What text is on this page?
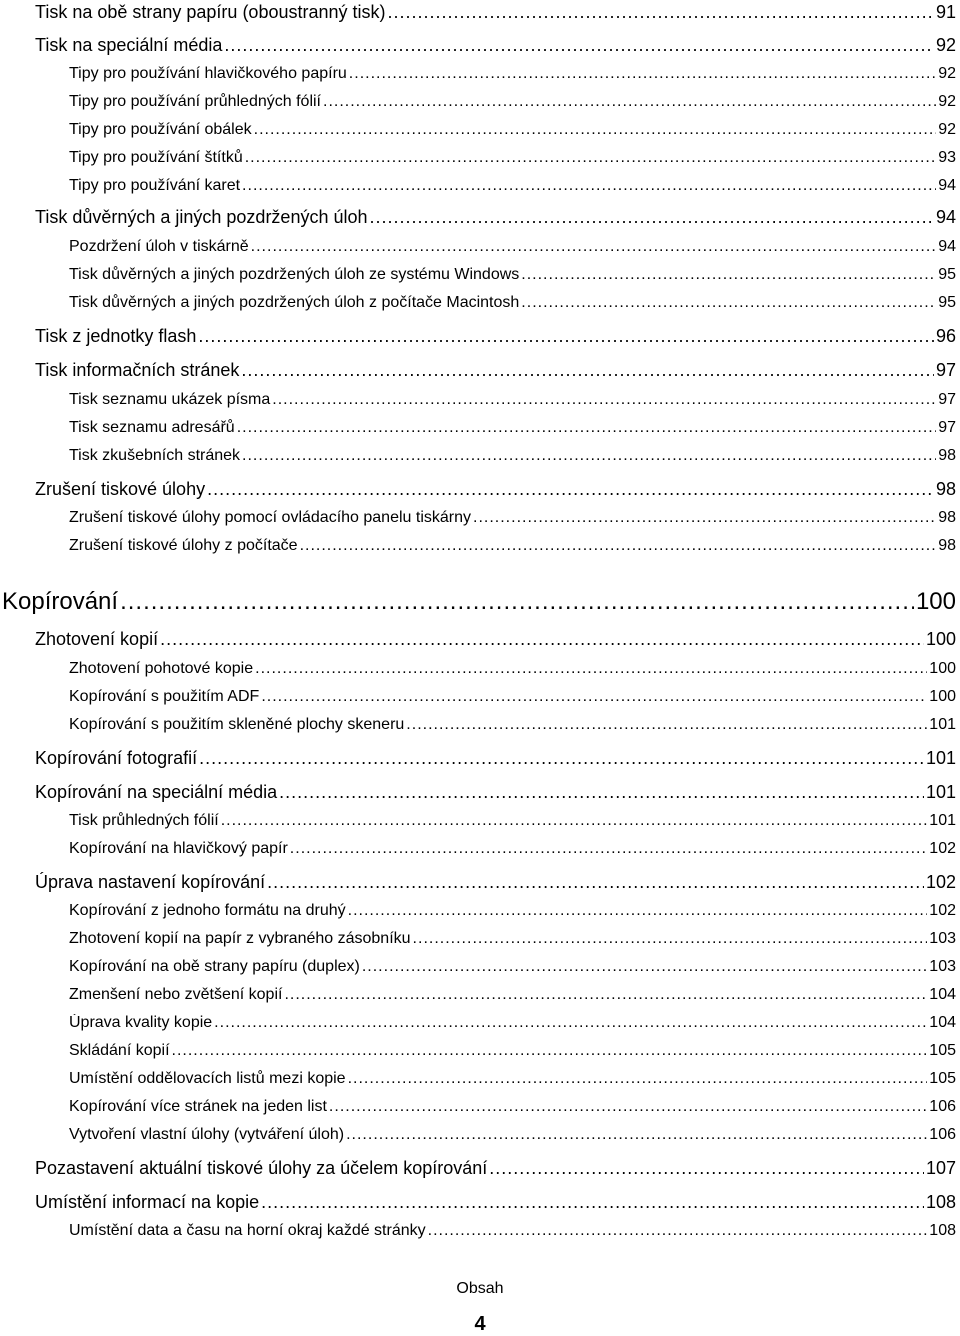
Tisk na obě strany papíru (oboustranný tisk) .....	91
Tisk na speciální média .....	92
Tipy pro používání hlavičkového papíru .....	92
Tipy pro používání průhledných fólií .....	92
Tipy pro používání obálek .....	92
Tipy pro používání štítků .....	93
Tipy pro používání karet .....	94
Tisk důvěrných a jiných pozdržených úloh .....	94
Pozdržení úloh v tiskárně .....	94
Tisk důvěrných a jiných pozdržených úloh ze systému Windows .....	95
Tisk důvěrných a jiných pozdržených úloh z počítače Macintosh .....	95
Tisk z jednotky flash .....	96
Tisk informačních stránek .....	97
Tisk seznamu ukázek písma .....	97
Tisk seznamu adresářů .....	97
Tisk zkušebních stránek .....	98
Zrušení tiskové úlohy .....	98
Zrušení tiskové úlohy pomocí ovládacího panelu tiskárny .....	98
Zrušení tiskové úlohy z počítače .....	98
Kopírování .....	100
Zhotovení kopií .....	100
Zhotovení pohotové kopie .....	100
Kopírování s použitím ADF .....	100
Kopírování s použitím skleněné plochy skeneru .....	101
Kopírování fotografií .....	101
Kopírování na speciální média .....	101
Tisk průhledných fólií .....	101
Kopírování na hlavičkový papír .....	102
Úprava nastavení kopírování .....	102
Kopírování z jednoho formátu na druhý .....	102
Zhotovení kopií na papír z vybraného zásobníku .....	103
Kopírování na obě strany papíru (duplex) .....	103
Zmenšení nebo zvětšení kopií .....	104
Úprava kvality kopie .....	104
Skládání kopií .....	105
Umístění oddělovacích listů mezi kopie .....	105
Kopírování více stránek na jeden list .....	106
Vytvoření vlastní úlohy (vytváření úloh) .....	106
Pozastavení aktuální tiskové úlohy za účelem kopírování .....	107
Umístění informací na kopie .....	108
Umístění data a času na horní okraj každé stránky .....	108
Obsah
4
